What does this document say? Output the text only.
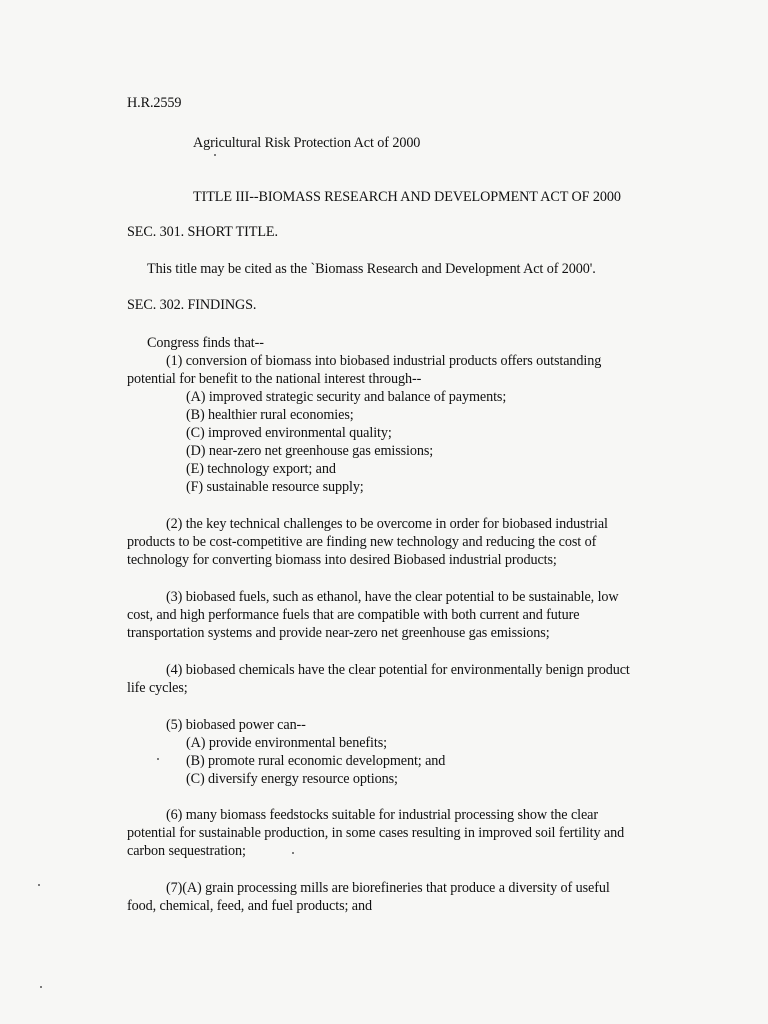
H.R.2559
Agricultural Risk Protection Act of 2000
TITLE III--BIOMASS RESEARCH AND DEVELOPMENT ACT OF 2000
SEC. 301. SHORT TITLE.
This title may be cited as the `Biomass Research and Development Act of 2000'.
SEC. 302. FINDINGS.
Congress finds that--
(1) conversion of biomass into biobased industrial products offers outstanding
potential for benefit to the national interest through--
(A) improved strategic security and balance of payments;
(B) healthier rural economies;
(C) improved environmental quality;
(D) near-zero net greenhouse gas emissions;
(E) technology export; and
(F) sustainable resource supply;
(2) the key technical challenges to be overcome in order for biobased industrial
products to be cost-competitive are finding new technology and reducing the cost of
technology for converting biomass into desired Biobased industrial products;
(3) biobased fuels, such as ethanol, have the clear potential to be sustainable, low
cost, and high performance fuels that are compatible with both current and future
transportation systems and provide near-zero net greenhouse gas emissions;
(4) biobased chemicals have the clear potential for environmentally benign product
life cycles;
(5) biobased power can--
(A) provide environmental benefits;
(B) promote rural economic development; and
(C) diversify energy resource options;
(6) many biomass feedstocks suitable for industrial processing show the clear
potential for sustainable production, in some cases resulting in improved soil fertility and
carbon sequestration;
(7)(A) grain processing mills are biorefineries that produce a diversity of useful
food, chemical, feed, and fuel products; and
